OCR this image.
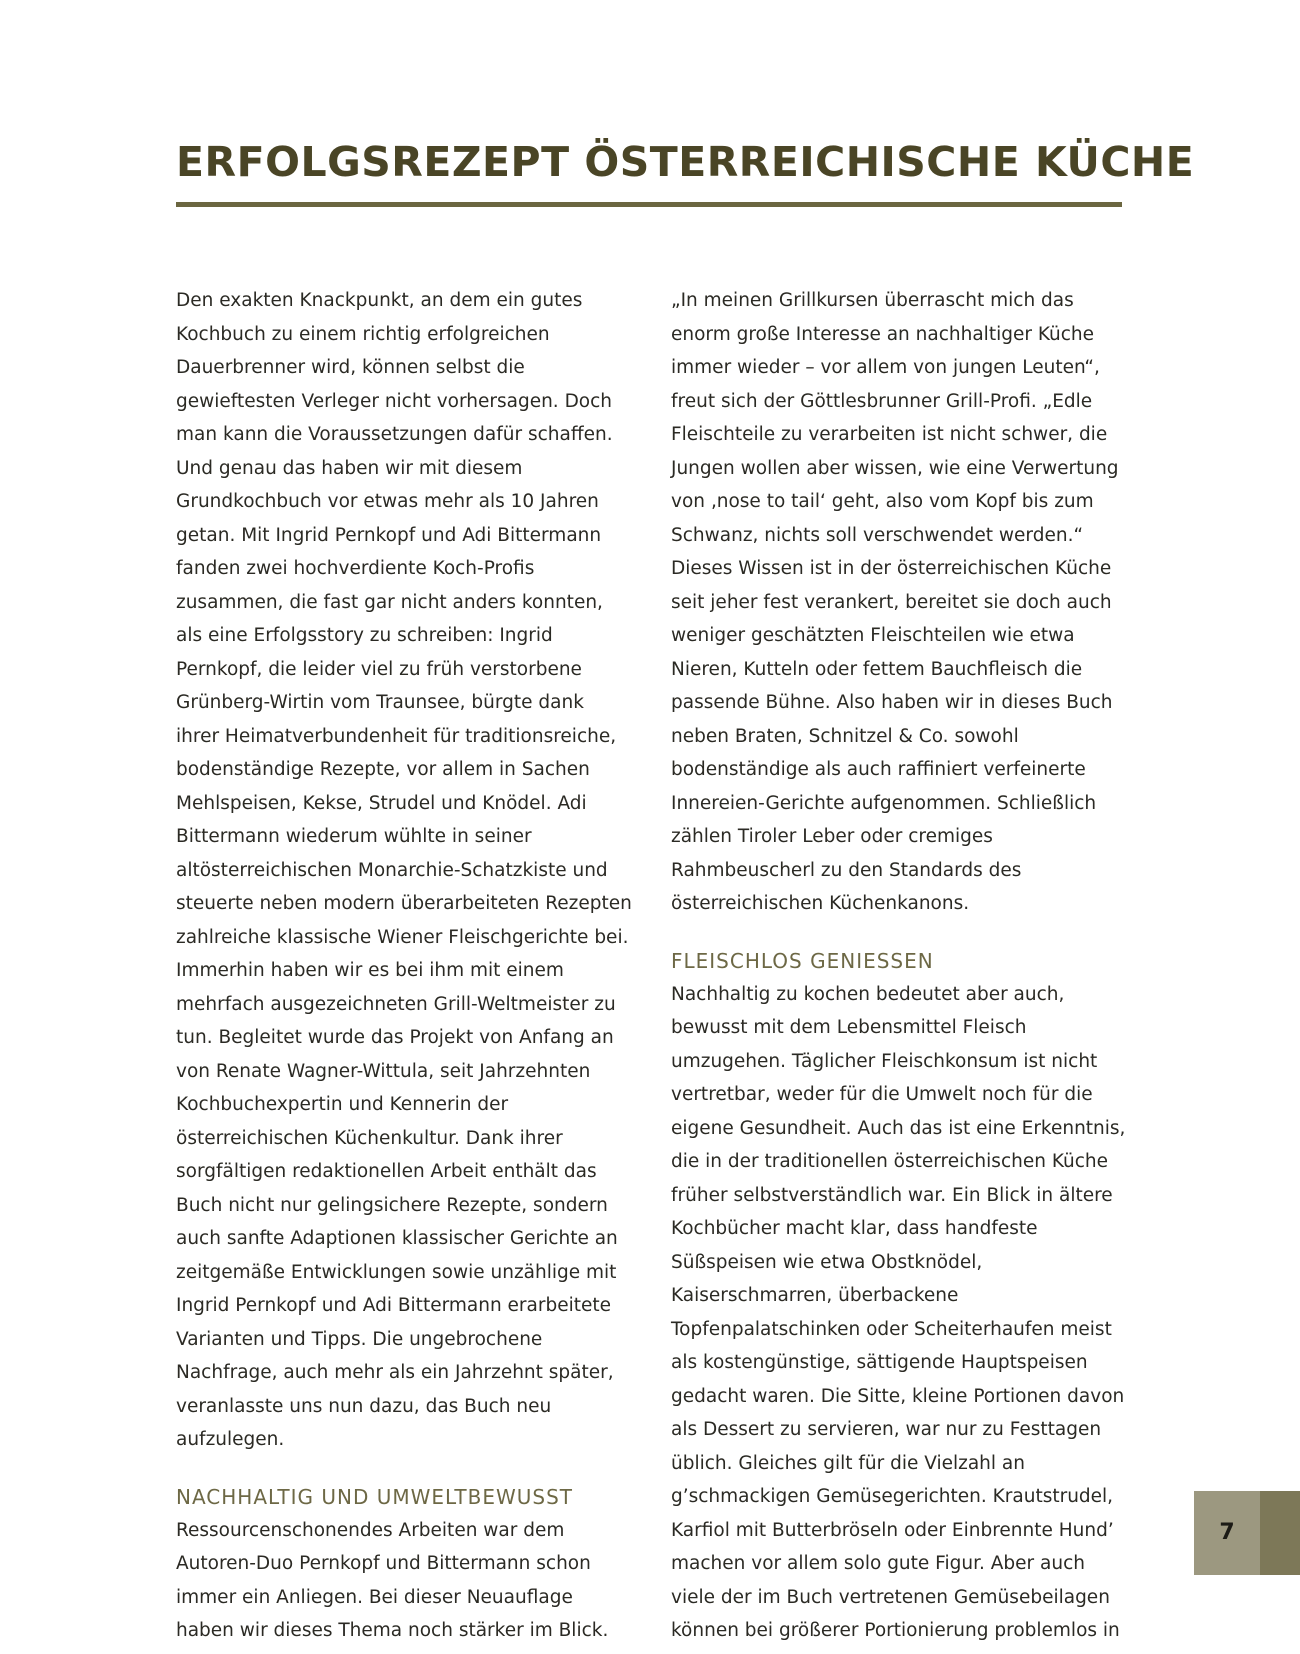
ERFOLGSREZEPT ÖSTERREICHISCHE KÜCHE

Den exakten Knackpunkt, an dem ein gutes Kochbuch zu einem richtig erfolgreichen Dauerbrenner wird, können selbst die gewieftesten Verleger nicht vorhersagen. Doch man kann die Voraussetzungen dafür schaffen. Und genau das haben wir mit diesem Grundkochbuch vor etwas mehr als 10 Jahren getan. Mit Ingrid Pernkopf und Adi Bittermann fanden zwei hochverdiente Koch-Profis zusammen, die fast gar nicht anders konnten, als eine Erfolgsstory zu schreiben: Ingrid Pernkopf, die leider viel zu früh verstorbene Grünberg-Wirtin vom Traunsee, bürgte dank ihrer Heimatverbundenheit für traditionsreiche, bodenständige Rezepte, vor allem in Sachen Mehlspeisen, Kekse, Strudel und Knödel. Adi Bittermann wiederum wühlte in seiner altösterreichischen Monarchie-Schatzkiste und steuerte neben modern überarbeiteten Rezepten zahlreiche klassische Wiener Fleischgerichte bei. Immerhin haben wir es bei ihm mit einem mehrfach ausgezeichneten Grill-Weltmeister zu tun. Begleitet wurde das Projekt von Anfang an von Renate Wagner-Wittula, seit Jahrzehnten Kochbuchexpertin und Kennerin der österreichischen Küchenkultur. Dank ihrer sorgfältigen redaktionellen Arbeit enthält das Buch nicht nur gelingsichere Rezepte, sondern auch sanfte Adaptionen klassischer Gerichte an zeitgemäße Entwicklungen sowie unzählige mit Ingrid Pernkopf und Adi Bittermann erarbeitete Varianten und Tipps. Die ungebrochene Nachfrage, auch mehr als ein Jahrzehnt später, veranlasste uns nun dazu, das Buch neu aufzulegen.

NACHHALTIG UND UMWELTBEWUSST

Ressourcenschonendes Arbeiten war dem Autoren-Duo Pernkopf und Bittermann schon immer ein Anliegen. Bei dieser Neuauflage haben wir dieses Thema noch stärker im Blick.

„In meinen Grillkursen überrascht mich das enorm große Interesse an nachhaltiger Küche immer wieder – vor allem von jungen Leuten“, freut sich der Göttlesbrunner Grill-Profi. „Edle Fleischteile zu verarbeiten ist nicht schwer, die Jungen wollen aber wissen, wie eine Verwertung von ‚nose to tail‘ geht, also vom Kopf bis zum Schwanz, nichts soll verschwendet werden.“ Dieses Wissen ist in der österreichischen Küche seit jeher fest verankert, bereitet sie doch auch weniger geschätzten Fleischteilen wie etwa Nieren, Kutteln oder fettem Bauchfleisch die passende Bühne. Also haben wir in dieses Buch neben Braten, Schnitzel & Co. sowohl bodenständige als auch raffiniert verfeinerte Innereien-Gerichte aufgenommen. Schließlich zählen Tiroler Leber oder cremiges Rahmbeuscherl zu den Standards des österreichischen Küchenkanons.

FLEISCHLOS GENIESSEN

Nachhaltig zu kochen bedeutet aber auch, bewusst mit dem Lebensmittel Fleisch umzugehen. Täglicher Fleischkonsum ist nicht vertretbar, weder für die Umwelt noch für die eigene Gesundheit. Auch das ist eine Erkenntnis, die in der traditionellen österreichischen Küche früher selbstverständlich war. Ein Blick in ältere Kochbücher macht klar, dass handfeste Süßspeisen wie etwa Obstknödel, Kaiserschmarren, überbackene Topfenpalatschinken oder Scheiterhaufen meist als kostengünstige, sättigende Hauptspeisen gedacht waren. Die Sitte, kleine Portionen davon als Dessert zu servieren, war nur zu Festtagen üblich. Gleiches gilt für die Vielzahl an g’schmackigen Gemüsegerichten. Krautstrudel, Karfiol mit Butterbröseln oder Einbrennte Hund’ machen vor allem solo gute Figur. Aber auch viele der im Buch vertretenen Gemüsebeilagen können bei größerer Portionierung problemlos in

7
